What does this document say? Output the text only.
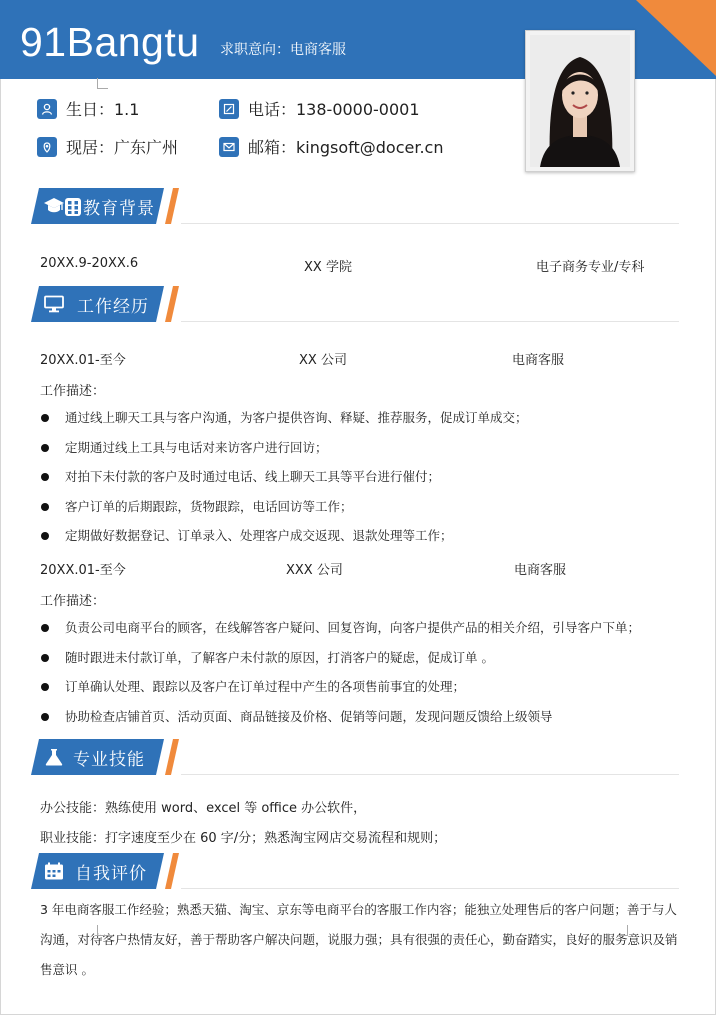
91Bangtu 求职意向：电商客服
生日：1.1	电话：138-0000-0001
现居：广东广州	邮箱：kingsoft@docer.cn
教育背景
20XX.9-20XX.6	XX 学院	电子商务专业/专科
工作经历
20XX.01-至今	XX 公司	电商客服
工作描述：
通过线上聊天工具与客户沟通，为客户提供咨询、释疑、推荐服务，促成订单成交；
定期通过线上工具与电话对来访客户进行回访；
对拍下未付款的客户及时通过电话、线上聊天工具等平台进行催付；
客户订单的后期跟踪，货物跟踪，电话回访等工作；
定期做好数据登记、订单录入、处理客户成交返现、退款处理等工作；
20XX.01-至今	XXX 公司	电商客服
工作描述：
负责公司电商平台的顾客，在线解答客户疑问、回复咨询，向客户提供产品的相关介绍，引导客户下单；
随时跟进未付款订单，了解客户未付款的原因，打消客户的疑虑，促成订单 。
订单确认处理、跟踪以及客户在订单过程中产生的各项售前事宜的处理；
协助检查店铺首页、活动页面、商品链接及价格、促销等问题，发现问题反馈给上级领导
专业技能
办公技能：熟练使用 word、excel 等 office 办公软件，
职业技能：打字速度至少在 60 字/分；熟悉淘宝网店交易流程和规则；
自我评价
3 年电商客服工作经验；熟悉天猫、淘宝、京东等电商平台的客服工作内容；能独立处理售后的客户问题；善于与人沟通，对待客户热情友好，善于帮助客户解决问题，说服力强；具有很强的责任心，勤奋踏实，良好的服务意识及销售意识 。
